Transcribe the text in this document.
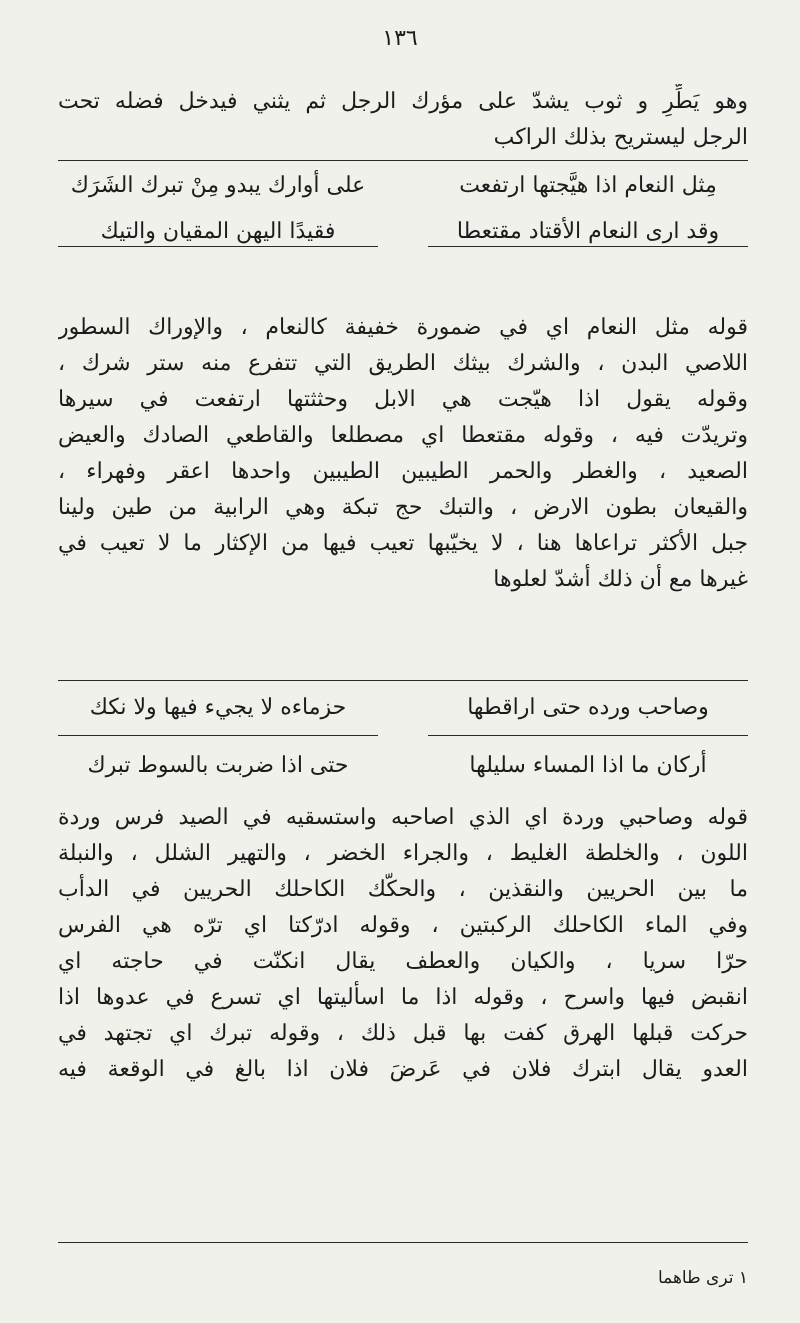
١٣٦
وهو يَطِّرِ و ثوب يشدّ على مؤرك الرجل ثم يثني فيدخل فضله تحت
الرجل ليستريح بذلك الراكب
مِثل النعام اذا هيَّجتها ارتفعت
على أوارك يبدو مِنْ تبرك الشَرَك
وقد ارى النعام الأقتاد مقتعطا
فقيدًا اليهن المقيان والتيك
قوله مثل النعام اي في ضمورة خفيفة كالنعام ، والإوراك السطور
اللاصي البدن ، والشرك بيثك الطريق التي تتفرع منه ستر شرك ،
وقوله يقول اذا هيّجت هي الابل وحثثتها ارتفعت في سيرها
وتريدّت فيه ، وقوله مقتعطا اي مصطلعا والقاطعي الصادك والعيض
الصعيد ، والغطر والحمر الطيبين الطيبين واحدها اعقر وفهراء ،
والقيعان بطون الارض ، والتبك حج تبكة وهي الرابية من طين ولينا
جبل الأكثر تراعاها هنا ، لا يخيّبها تعيب فيها من الإكثار ما لا تعيب في
غيرها مع أن ذلك أشدّ لعلوها
وصاحب ورده حتى اراقطها
حزماءه لا يجيء فيها ولا نكك
أركان ما اذا المساء سليلها
حتى اذا ضربت بالسوط تبرك
قوله وصاحبي وردة اي الذي اصاحبه واستسقيه في الصيد فرس وردة
اللون ، والخلطة الغليط ، والجراء الخضر ، والتهير الشلل ، والنبلة
ما بين الحريين والنقذين ، والحكّك الكاحلك الحريين في الدأب
وفي الماء الكاحلك الركبتين ، وقوله ادرّكتا اي ترّه هي الفرس
حرّا سريا ، والكيان والعطف يقال انكنّت في حاجته اي
انقبض فيها واسرح ، وقوله اذا ما اسأليتها اي تسرع في عدوها اذا
حركت قبلها الهرق كفت بها قبل ذلك ، وقوله تبرك اي تجتهد في
العدو يقال ابترك فلان في عَرضَ فلان اذا بالغ في الوقعة فيه
١ ترى طاهما
